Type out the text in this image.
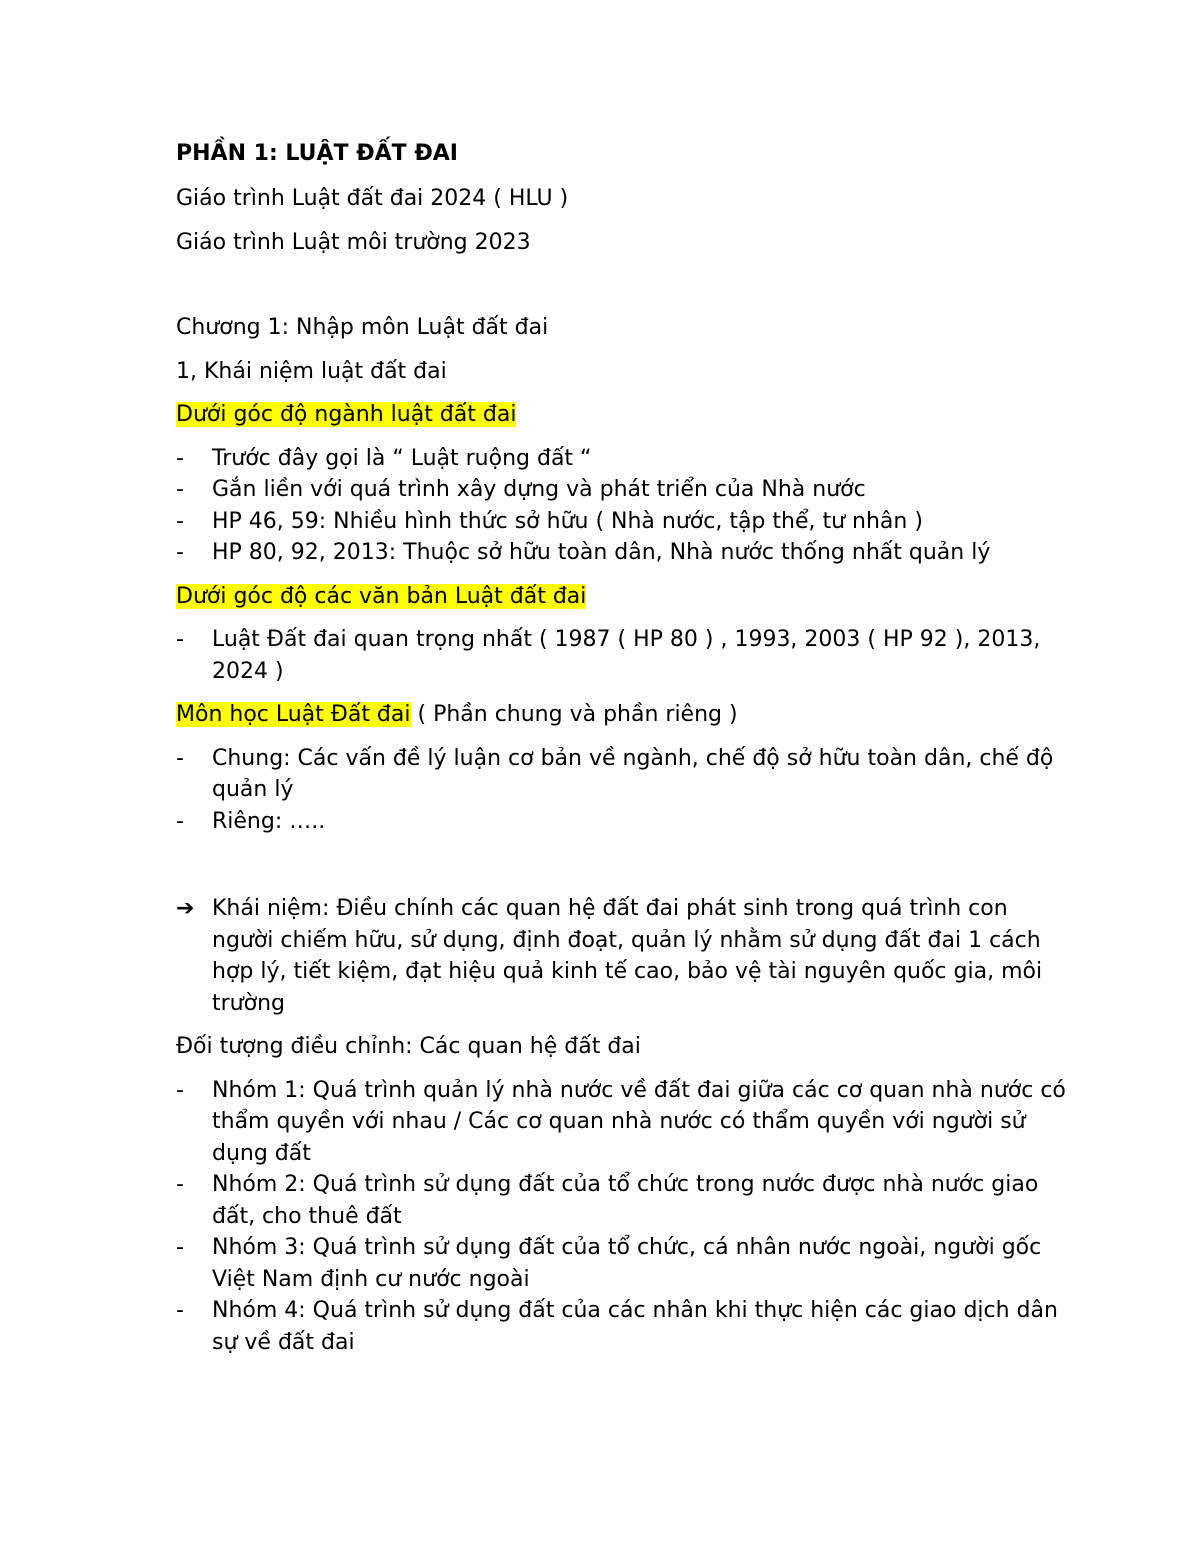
PHẦN 1: LUẬT ĐẤT ĐAI

Giáo trình Luật đất đai 2024 ( HLU )

Giáo trình Luật môi trường 2023

Chương 1: Nhập môn Luật đất đai

1, Khái niệm luật đất đai

Dưới góc độ ngành luật đất đai

-	Trước đây gọi là “ Luật ruộng đất “
-	Gắn liền với quá trình xây dựng và phát triển của Nhà nước
-	HP 46, 59: Nhiều hình thức sở hữu ( Nhà nước, tập thể, tư nhân )
-	HP 80, 92, 2013: Thuộc sở hữu toàn dân, Nhà nước thống nhất quản lý

Dưới góc độ các văn bản Luật đất đai

-	Luật Đất đai quan trọng nhất ( 1987 ( HP 80 ) , 1993, 2003 ( HP 92 ), 2013, 2024 )

Môn học Luật Đất đai ( Phần chung và phần riêng )

-	Chung: Các vấn đề lý luận cơ bản về ngành, chế độ sở hữu toàn dân, chế độ quản lý
-	Riêng: …..
➔ Khái niệm: Điều chính các quan hệ đất đai phát sinh trong quá trình con người chiếm hữu, sử dụng, định đoạt, quản lý nhằm sử dụng đất đai 1 cách hợp lý, tiết kiệm, đạt hiệu quả kinh tế cao, bảo vệ tài nguyên quốc gia, môi trường

Đối tượng điều chỉnh: Các quan hệ đất đai

-	Nhóm 1: Quá trình quản lý nhà nước về đất đai giữa các cơ quan nhà nước có thẩm quyền với nhau / Các cơ quan nhà nước có thẩm quyền với người sử dụng đất
-	Nhóm 2: Quá trình sử dụng đất của tổ chức trong nước được nhà nước giao đất, cho thuê đất
-	Nhóm 3: Quá trình sử dụng đất của tổ chức, cá nhân nước ngoài, người gốc Việt Nam định cư nước ngoài
-	Nhóm 4: Quá trình sử dụng đất của các nhân khi thực hiện các giao dịch dân sự về đất đai
